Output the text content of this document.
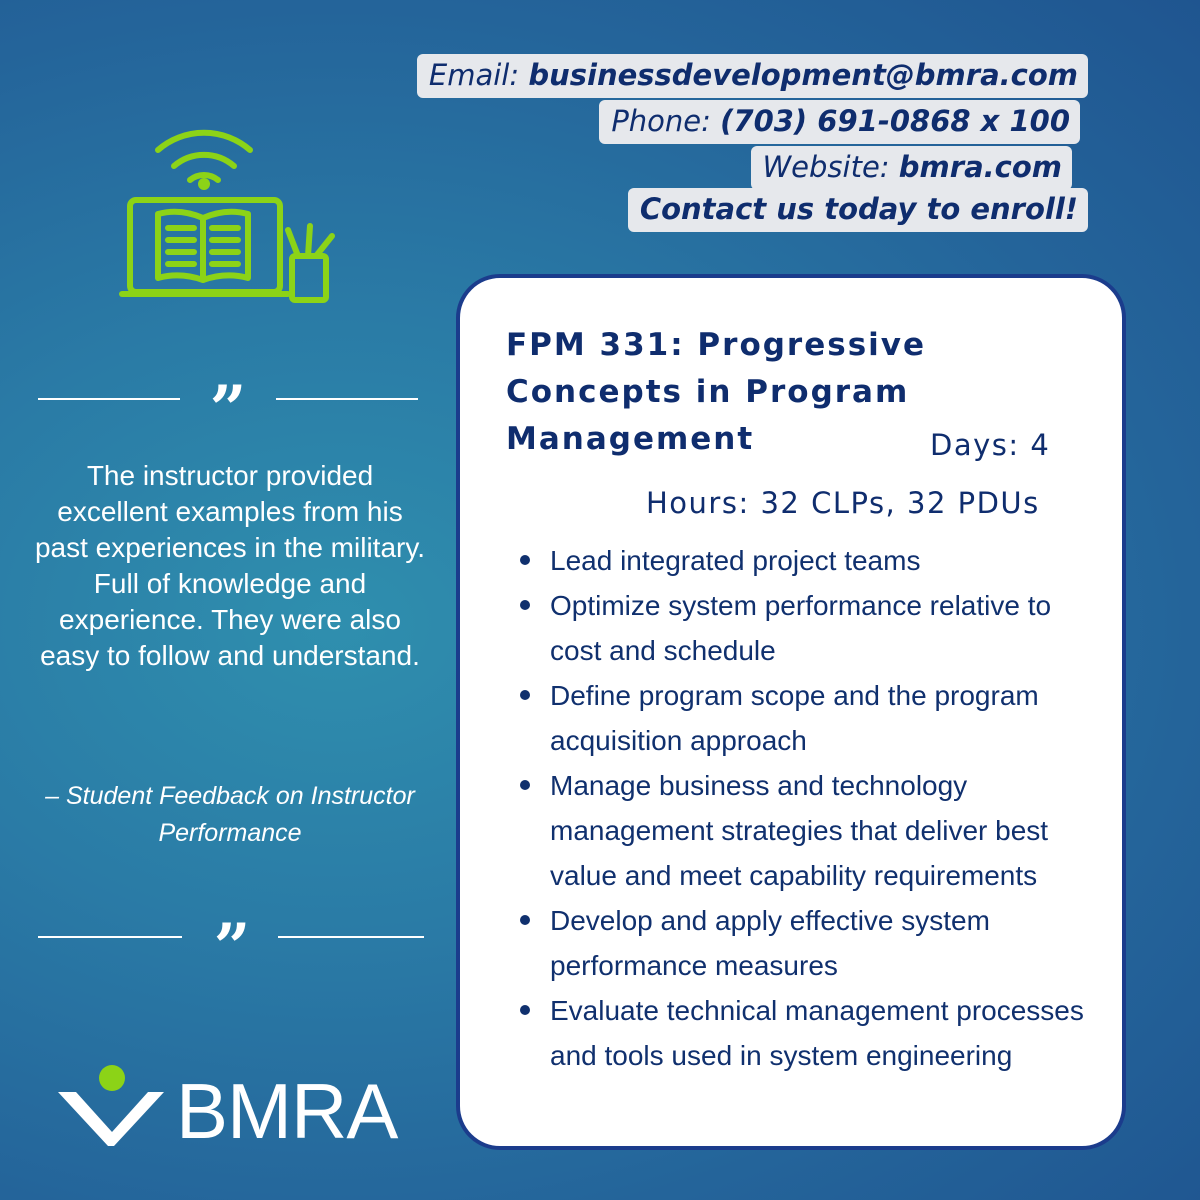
Email: businessdevelopment@bmra.com
Phone: (703) 691-0868 x 100
Website: bmra.com
Contact us today to enroll!
”

The instructor provided excellent examples from his past experiences in the military. Full of knowledge and experience. They were also easy to follow and understand.

– Student Feedback on Instructor Performance
”
BMRA
FPM 331: Progressive Concepts in Program Management	Days: 4
Hours: 32 CLPs, 32 PDUs
Lead integrated project teams
Optimize system performance relative to cost and schedule
Define program scope and the program acquisition approach
Manage business and technology management strategies that deliver best value and meet capability requirements
Develop and apply effective system performance measures
Evaluate technical management processes and tools used in system engineering
